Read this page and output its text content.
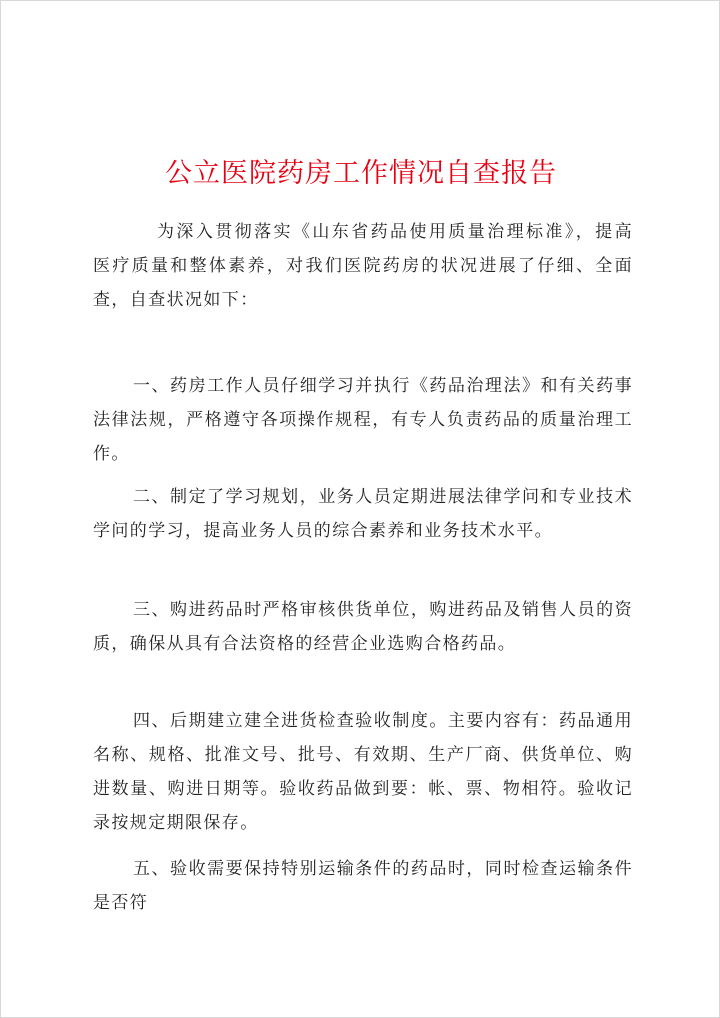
公立医院药房工作情况自查报告

为深入贯彻落实《山东省药品使用质量治理标准》，提高 医疗质量和整体素养，对我们医院药房的状况进展了仔细、全面查，自查状况如下：

一、药房工作人员仔细学习并执行《药品治理法》和有关药事法律法规，严格遵守各项操作规程，有专人负责药品的质量治理工作。

二、制定了学习规划，业务人员定期进展法律学问和专业技术学问的学习，提高业务人员的综合素养和业务技术水平。

三、购进药品时严格审核供货单位，购进药品及销售人员的资质，确保从具有合法资格的经营企业选购合格药品。

四、后期建立建全进货检查验收制度。主要内容有：药品通用名称、规格、批准文号、批号、有效期、生产厂商、供货单位、购进数量、购进日期等。验收药品做到要：帐、票、物相符。验收记录按规定期限保存。

五、验收需要保持特别运输条件的药品时，同时检查运输条件是否符
